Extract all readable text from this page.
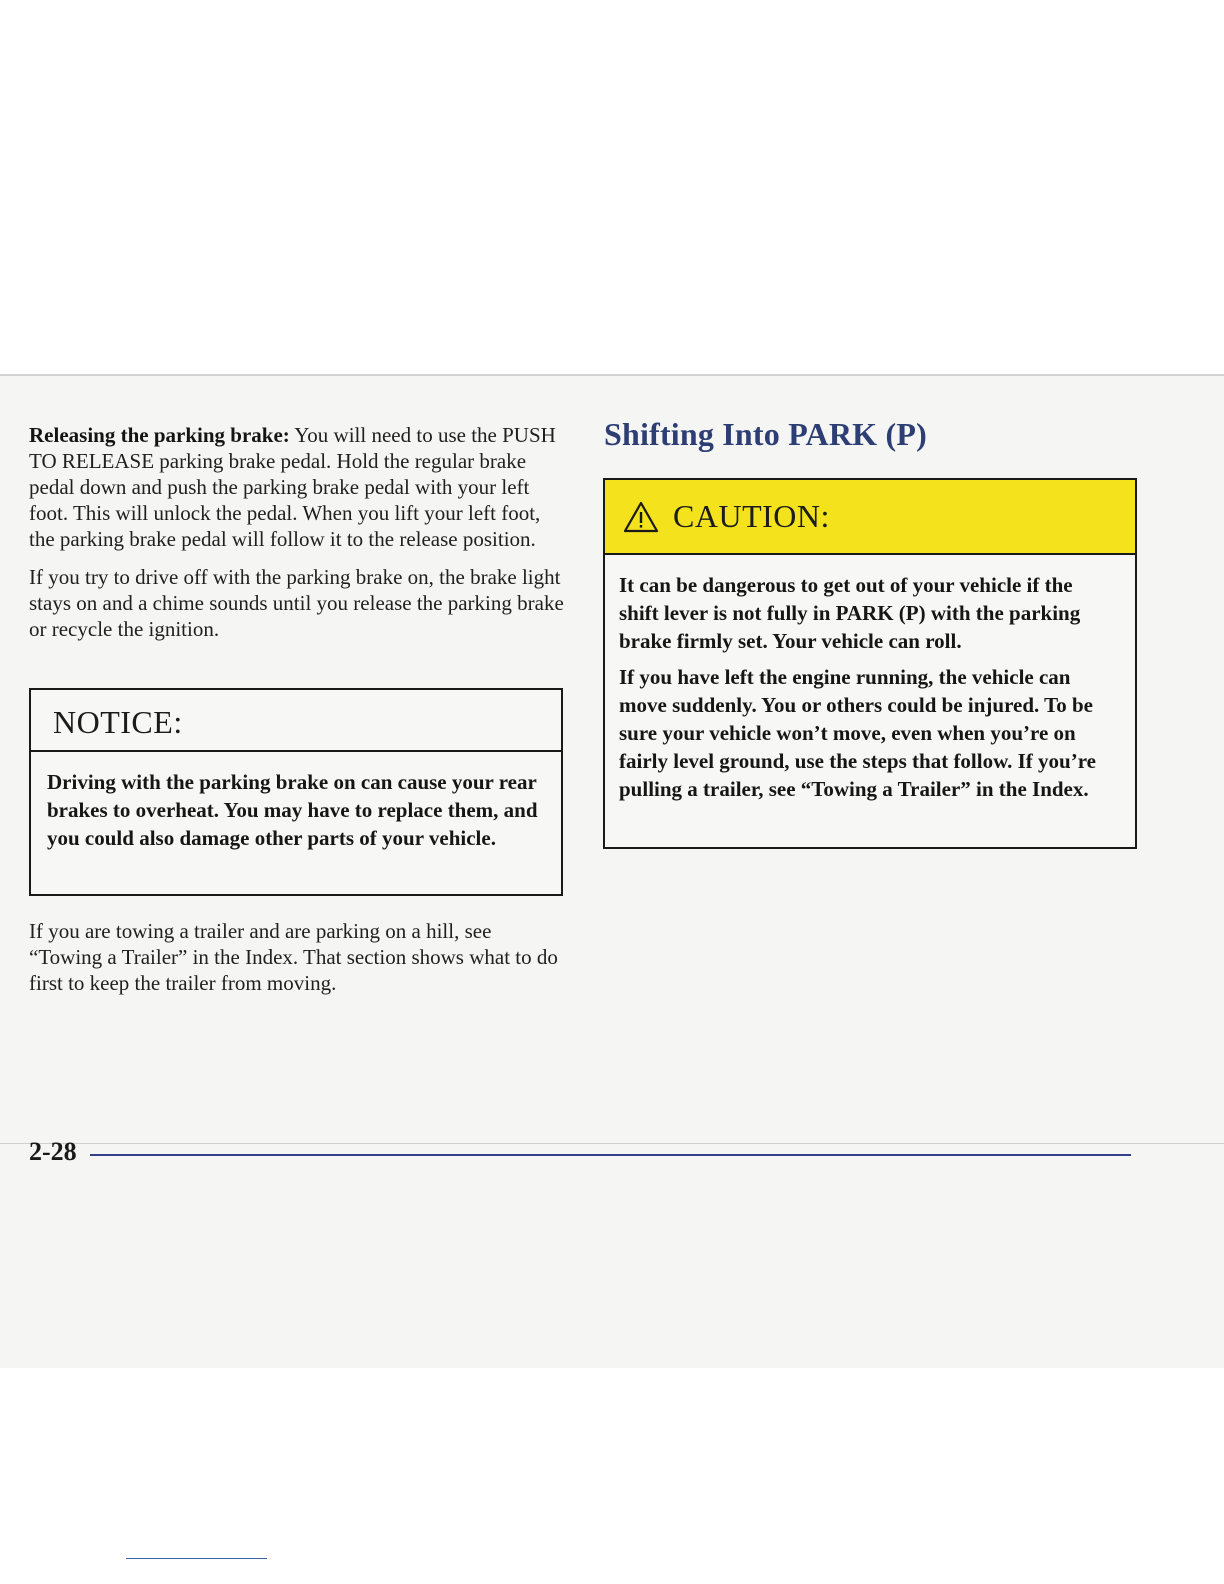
Releasing the parking brake: You will need to use the PUSH TO RELEASE parking brake pedal. Hold the regular brake pedal down and push the parking brake pedal with your left foot. This will unlock the pedal. When you lift your left foot, the parking brake pedal will follow it to the release position.

If you try to drive off with the parking brake on, the brake light stays on and a chime sounds until you release the parking brake or recycle the ignition.

NOTICE:
Driving with the parking brake on can cause your rear brakes to overheat. You may have to replace them, and you could also damage other parts of your vehicle.

If you are towing a trailer and are parking on a hill, see “Towing a Trailer” in the Index. That section shows what to do first to keep the trailer from moving.

Shifting Into PARK (P)
CAUTION:

It can be dangerous to get out of your vehicle if the shift lever is not fully in PARK (P) with the parking brake firmly set. Your vehicle can roll.

If you have left the engine running, the vehicle can move suddenly. You or others could be injured. To be sure your vehicle won’t move, even when you’re on fairly level ground, use the steps that follow. If you’re pulling a trailer, see “Towing a Trailer” in the Index.

2-28
